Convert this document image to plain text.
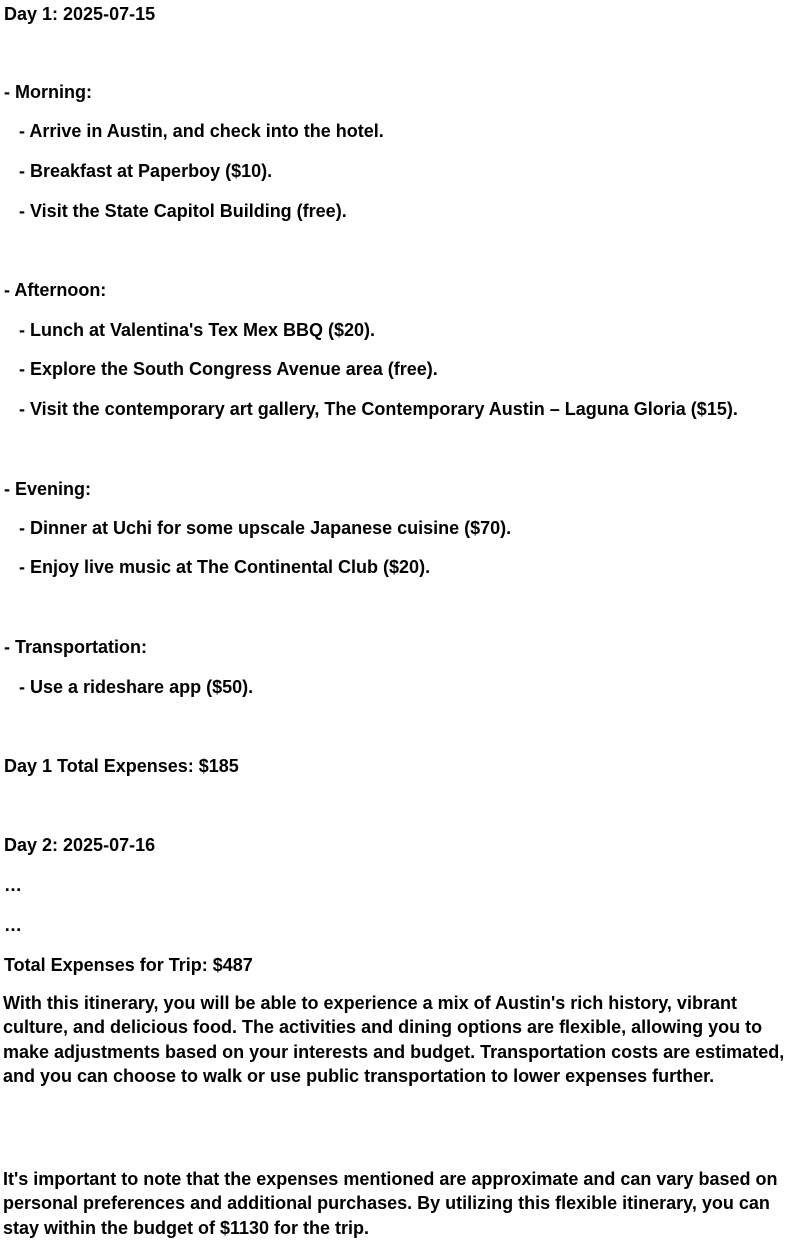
Day 1: 2025-07-15
- Morning:
- Arrive in Austin, and check into the hotel.
- Breakfast at Paperboy ($10).
- Visit the State Capitol Building (free).
- Afternoon:
- Lunch at Valentina's Tex Mex BBQ ($20).
- Explore the South Congress Avenue area (free).
- Visit the contemporary art gallery, The Contemporary Austin – Laguna Gloria ($15).
- Evening:
- Dinner at Uchi for some upscale Japanese cuisine ($70).
- Enjoy live music at The Continental Club ($20).
- Transportation:
- Use a rideshare app ($50).
Day 1 Total Expenses: $185
Day 2: 2025-07-16
…
…
Total Expenses for Trip: $487
With this itinerary, you will be able to experience a mix of Austin's rich history, vibrant culture, and delicious food. The activities and dining options are flexible, allowing you to make adjustments based on your interests and budget. Transportation costs are estimated, and you can choose to walk or use public transportation to lower expenses further.
It's important to note that the expenses mentioned are approximate and can vary based on personal preferences and additional purchases. By utilizing this flexible itinerary, you can stay within the budget of $1130 for the trip.
